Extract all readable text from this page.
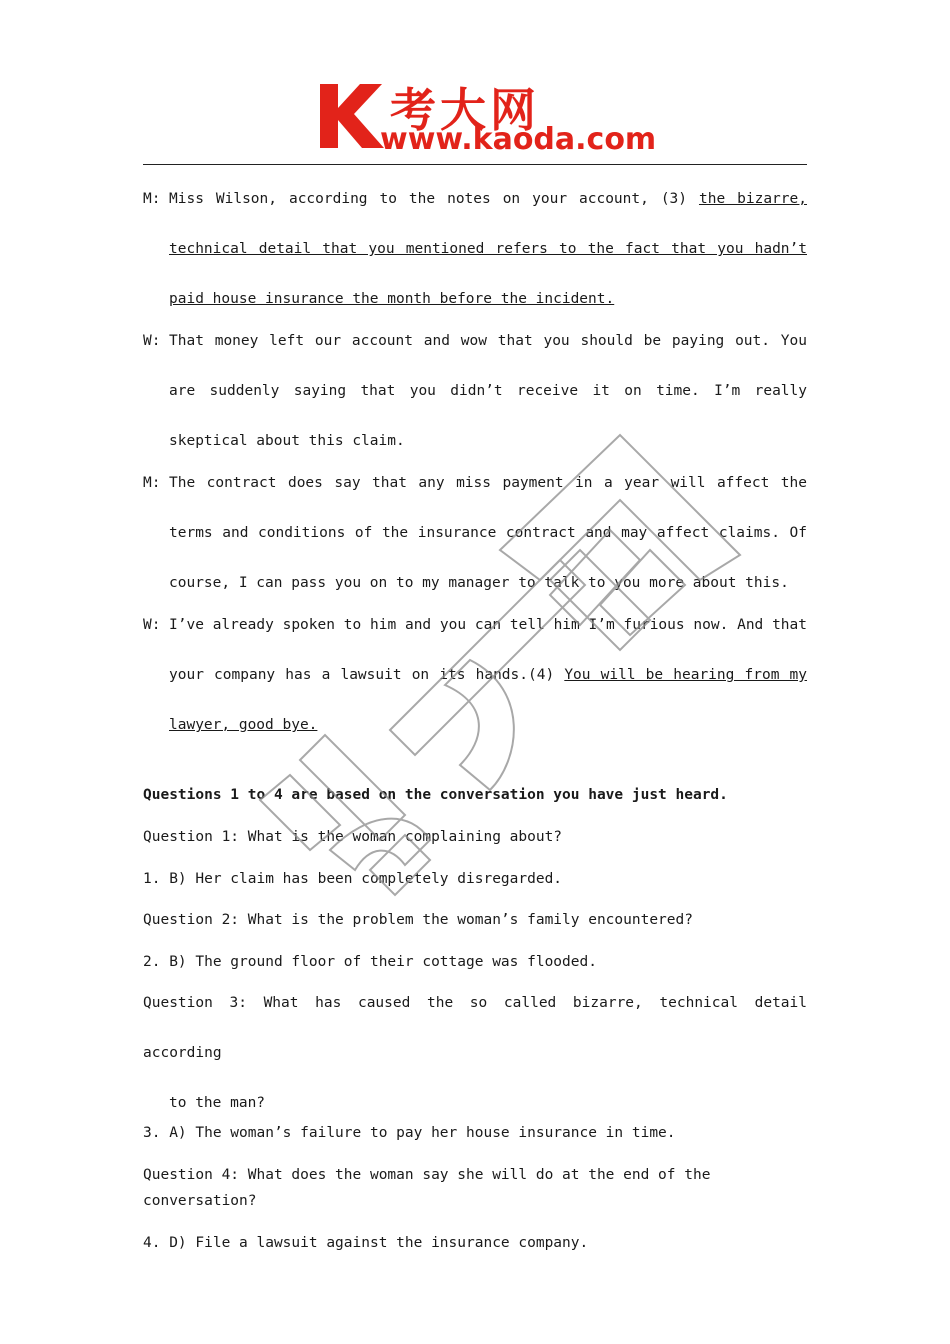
考大网
www.kaoda.com
M: Miss Wilson, according to the notes on your account, (3) the bizarre, technical detail that you mentioned refers to the fact that you hadn’t paid house insurance the month before the incident.
W: That money left our account and wow that you should be paying out. You are suddenly saying that you didn’t receive it on time. I’m really skeptical about this claim.
M: The contract does say that any miss payment in a year will affect the terms and conditions of the insurance contract and may affect claims. Of course, I can pass you on to my manager to talk to you more about this.
W: I’ve already spoken to him and you can tell him I’m furious now. And that your company has a lawsuit on its hands.(4) You will be hearing from my lawyer, good bye.
Questions 1 to 4 are based on the conversation you have just heard.
Question 1: What is the woman complaining about?
1. B) Her claim has been completely disregarded.
Question 2: What is the problem the woman’s family encountered?
2. B) The ground floor of their cottage was flooded.
Question 3: What has caused the so called bizarre, technical detail according
to the man?
3. A) The woman’s failure to pay her house insurance in time.
Question 4: What does the woman say she will do at the end of the conversation?
4. D) File a lawsuit against the insurance company.
